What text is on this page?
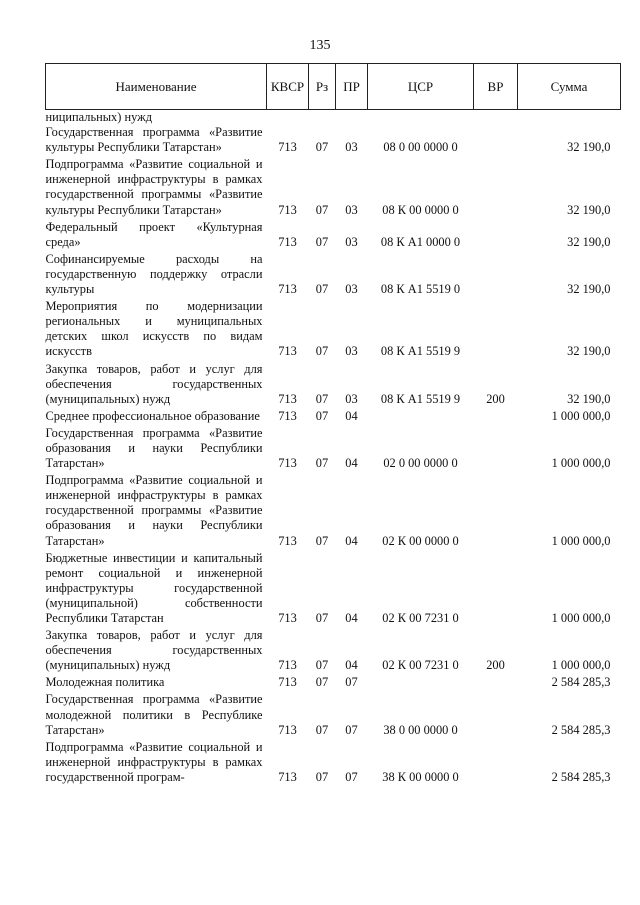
135
Наименование	КВСР	Рз	ПР	ЦСР	ВР	Сумма
ниципальных) нужд						
Государственная программа «Развитие культуры Республики Татарстан»	713	07	03	08 0 00 0000 0		32 190,0
Подпрограмма «Развитие социальной и инженерной инфраструктуры в рамках государственной программы «Развитие культуры Республики Татарстан»	713	07	03	08 К 00 0000 0		32 190,0
Федеральный проект «Культурная среда»	713	07	03	08 К А1 0000 0		32 190,0
Софинансируемые расходы на государственную поддержку отрасли культуры	713	07	03	08 К А1 5519 0		32 190,0
Мероприятия по модернизации региональных и муниципальных детских школ искусств по видам искусств	713	07	03	08 К А1 5519 9		32 190,0
Закупка товаров, работ и услуг для обеспечения государственных (муниципальных) нужд	713	07	03	08 К А1 5519 9	200	32 190,0
Среднее профессиональное образование	713	07	04			1 000 000,0
Государственная программа «Развитие образования и науки Республики Татарстан»	713	07	04	02 0 00 0000 0		1 000 000,0
Подпрограмма «Развитие социальной и инженерной инфраструктуры в рамках государственной программы «Развитие образования и науки Республики Татарстан»	713	07	04	02 К 00 0000 0		1 000 000,0
Бюджетные инвестиции и капитальный ремонт социальной и инженерной инфраструктуры государственной (муниципальной) собственности Республики Татарстан	713	07	04	02 К 00 7231 0		1 000 000,0
Закупка товаров, работ и услуг для обеспечения государственных (муниципальных) нужд	713	07	04	02 К 00 7231 0	200	1 000 000,0
Молодежная политика	713	07	07			2 584 285,3
Государственная программа «Развитие молодежной политики в Республике Татарстан»	713	07	07	38 0 00 0000 0		2 584 285,3
Подпрограмма «Развитие социальной и инженерной инфраструктуры в рамках государственной програм-	713	07	07	38 К 00 0000 0		2 584 285,3
